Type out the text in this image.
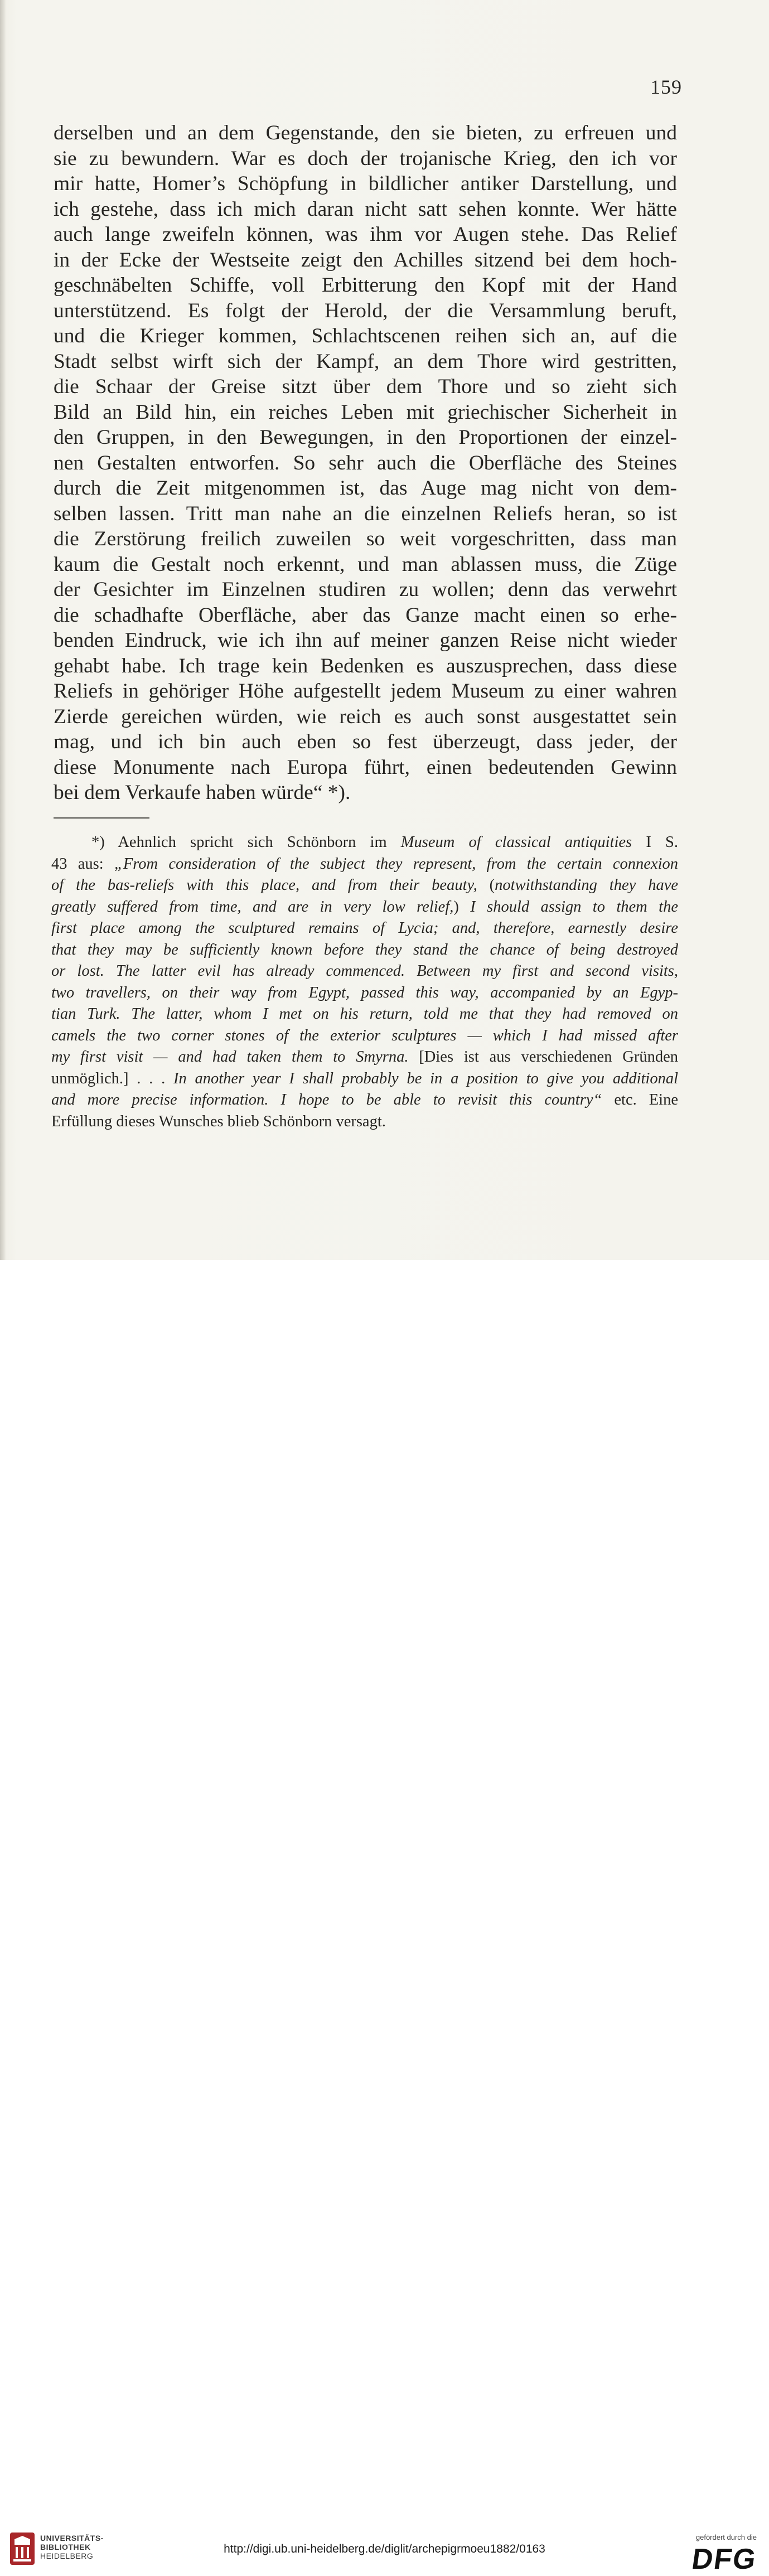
159
derselben und an dem Gegenstande, den sie bieten, zu erfreuen und
sie zu bewundern. War es doch der trojanische Krieg, den ich vor
mir hatte, Homer’s Schöpfung in bildlicher antiker Darstellung, und
ich gestehe, dass ich mich daran nicht satt sehen konnte. Wer hätte
auch lange zweifeln können, was ihm vor Augen stehe. Das Relief
in der Ecke der Westseite zeigt den Achilles sitzend bei dem hoch-
geschnäbelten Schiffe, voll Erbitterung den Kopf mit der Hand
unterstützend. Es folgt der Herold, der die Versammlung beruft,
und die Krieger kommen, Schlachtscenen reihen sich an, auf die
Stadt selbst wirft sich der Kampf, an dem Thore wird gestritten,
die Schaar der Greise sitzt über dem Thore und so zieht sich
Bild an Bild hin, ein reiches Leben mit griechischer Sicherheit in
den Gruppen, in den Bewegungen, in den Proportionen der einzel-
nen Gestalten entworfen. So sehr auch die Oberfläche des Steines
durch die Zeit mitgenommen ist, das Auge mag nicht von dem-
selben lassen. Tritt man nahe an die einzelnen Reliefs heran, so ist
die Zerstörung freilich zuweilen so weit vorgeschritten, dass man
kaum die Gestalt noch erkennt, und man ablassen muss, die Züge
der Gesichter im Einzelnen studiren zu wollen; denn das verwehrt
die schadhafte Oberfläche, aber das Ganze macht einen so erhe-
benden Eindruck, wie ich ihn auf meiner ganzen Reise nicht wieder
gehabt habe. Ich trage kein Bedenken es auszusprechen, dass diese
Reliefs in gehöriger Höhe aufgestellt jedem Museum zu einer wahren
Zierde gereichen würden, wie reich es auch sonst ausgestattet sein
mag, und ich bin auch eben so fest überzeugt, dass jeder, der
diese Monumente nach Europa führt, einen bedeutenden Gewinn
bei dem Verkaufe haben würde“ *).
*) Aehnlich spricht sich Schönborn im Museum of classical antiquities I S.
43 aus: „From consideration of the subject they represent, from the certain connexion
of the bas-reliefs with this place, and from their beauty, (notwithstanding they have
greatly suffered from time, and are in very low relief,) I should assign to them the
first place among the sculptured remains of Lycia; and, therefore, earnestly desire
that they may be sufficiently known before they stand the chance of being destroyed
or lost. The latter evil has already commenced. Between my first and second visits,
two travellers, on their way from Egypt, passed this way, accompanied by an Egyp-
tian Turk. The latter, whom I met on his return, told me that they had removed on
camels the two corner stones of the exterior sculptures — which I had missed after
my first visit — and had taken them to Smyrna. [Dies ist aus verschiedenen Gründen
unmöglich.] . . . In another year I shall probably be in a position to give you additional
and more precise information. I hope to be able to revisit this country“ etc. Eine
Erfüllung dieses Wunsches blieb Schönborn versagt.
UNIVERSITÄTS-
BIBLIOTHEK
HEIDELBERG
http://digi.ub.uni-heidelberg.de/diglit/archepigrmoeu1882/0163
gefördert durch die
DFG
